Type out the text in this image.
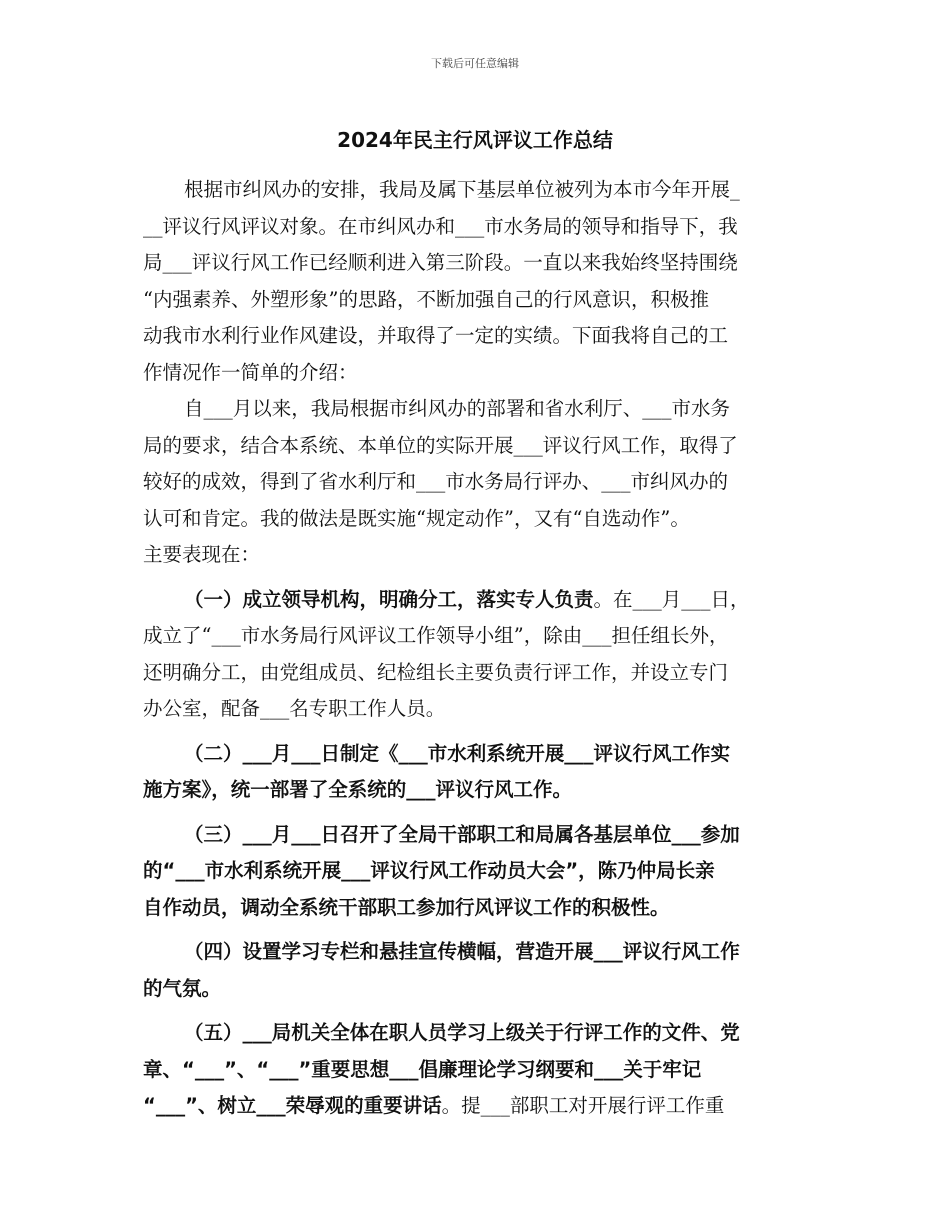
下载后可任意编辑
2024年民主行风评议工作总结
根据市纠风办的安排，我局及属下基层单位被列为本市今年开展_
__评议行风评议对象。在市纠风办和___市水务局的领导和指导下，我
局___评议行风工作已经顺利进入第三阶段。一直以来我始终坚持围绕
“内强素养、外塑形象”的思路，不断加强自己的行风意识，积极推
动我市水利行业作风建设，并取得了一定的实绩。下面我将自己的工
作情况作一简单的介绍：
自___月以来，我局根据市纠风办的部署和省水利厅、___市水务
局的要求，结合本系统、本单位的实际开展___评议行风工作，取得了
较好的成效，得到了省水利厅和___市水务局行评办、___市纠风办的
认可和肯定。我的做法是既实施“规定动作”，又有“自选动作”。
主要表现在：
（一）成立领导机构，明确分工，落实专人负责。在___月___日，
成立了“___市水务局行风评议工作领导小组”，除由___担任组长外，
还明确分工，由党组成员、纪检组长主要负责行评工作，并设立专门
办公室，配备___名专职工作人员。
（二）___月___日制定《___市水利系统开展___评议行风工作实
施方案》，统一部署了全系统的___评议行风工作。
（三）___月___日召开了全局干部职工和局属各基层单位___参加
的“___市水利系统开展___评议行风工作动员大会”，陈乃仲局长亲
自作动员，调动全系统干部职工参加行风评议工作的积极性。
（四）设置学习专栏和悬挂宣传横幅，营造开展___评议行风工作
的气氛。
（五）___局机关全体在职人员学习上级关于行评工作的文件、党
章、“___”、“___”重要思想___倡廉理论学习纲要和___关于牢记
“___”、树立___荣辱观的重要讲话。提___部职工对开展行评工作重
